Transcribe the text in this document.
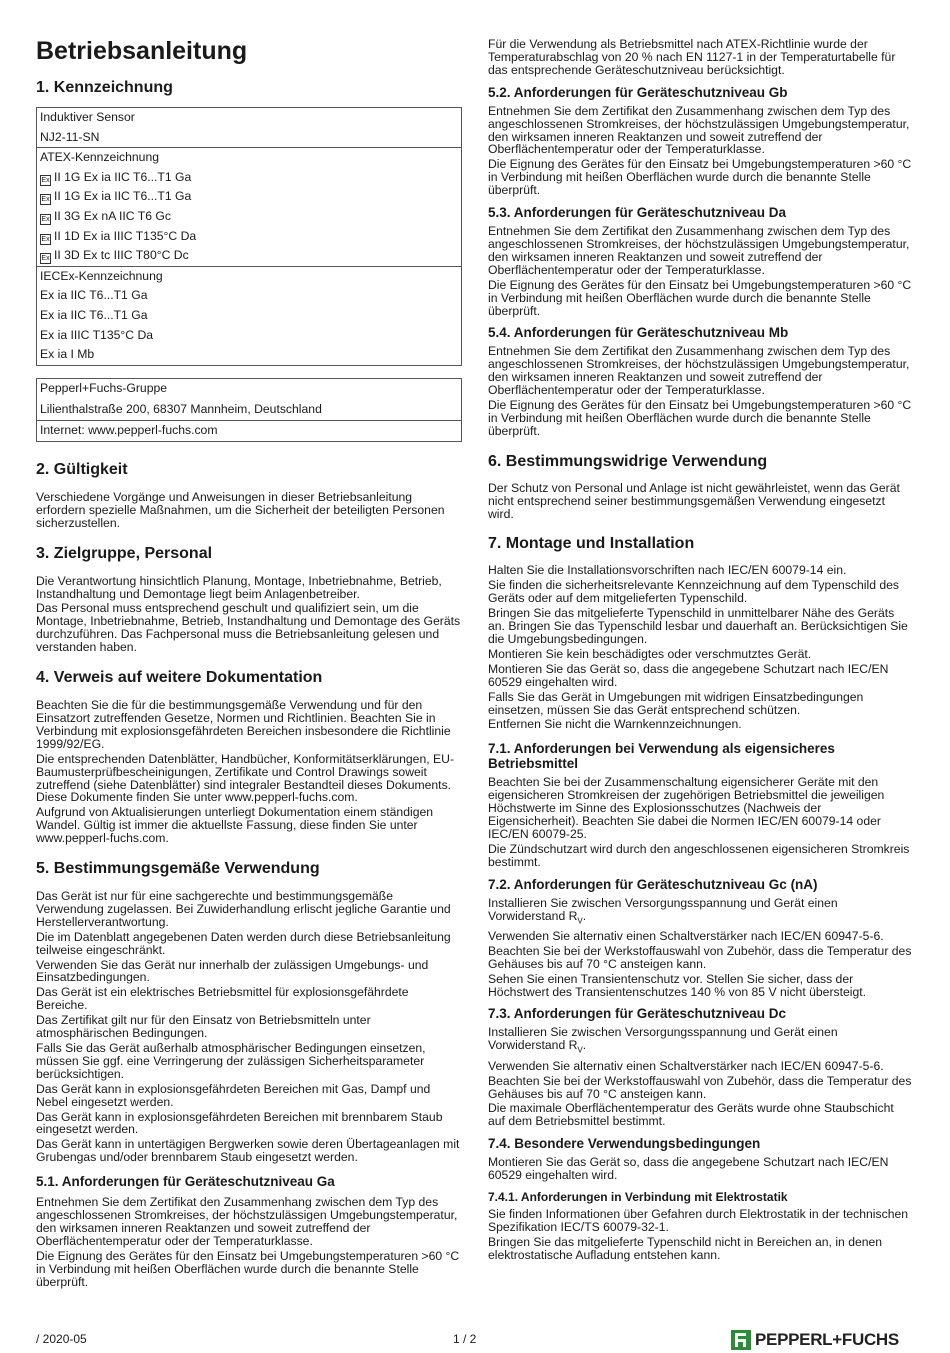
Betriebsanleitung
1. Kennzeichnung
Induktiver Sensor
NJ2-11-SN
ATEX-Kennzeichnung
Ex II 1G Ex ia IIC T6...T1 Ga
Ex II 1G Ex ia IIC T6...T1 Ga
Ex II 3G Ex nA IIC T6 Gc
Ex II 1D Ex ia IIIC T135°C Da
Ex II 3D Ex tc IIIC T80°C Dc
IECEx-Kennzeichnung
Ex ia IIC T6...T1 Ga
Ex ia IIC T6...T1 Ga
Ex ia IIIC T135°C Da
Ex ia I Mb
Pepperl+Fuchs-Gruppe
Lilienthalstraße 200, 68307 Mannheim, Deutschland
Internet: www.pepperl-fuchs.com
2. Gültigkeit

Verschiedene Vorgänge und Anweisungen in dieser Betriebsanleitung erfordern spezielle Maßnahmen, um die Sicherheit der beteiligten Personen sicherzustellen.

3. Zielgruppe, Personal

Die Verantwortung hinsichtlich Planung, Montage, Inbetriebnahme, Betrieb, Instandhaltung und Demontage liegt beim Anlagenbetreiber.

Das Personal muss entsprechend geschult und qualifiziert sein, um die Montage, Inbetriebnahme, Betrieb, Instandhaltung und Demontage des Geräts durchzuführen. Das Fachpersonal muss die Betriebsanleitung gelesen und verstanden haben.

4. Verweis auf weitere Dokumentation

Beachten Sie die für die bestimmungsgemäße Verwendung und für den Einsatzort zutreffenden Gesetze, Normen und Richtlinien. Beachten Sie in Verbindung mit explosionsgefährdeten Bereichen insbesondere die Richtlinie 1999/92/EG.

Die entsprechenden Datenblätter, Handbücher, Konformitätserklärungen, EU-Baumusterprüfbescheinigungen, Zertifikate und Control Drawings soweit zutreffend (siehe Datenblätter) sind integraler Bestandteil dieses Dokuments. Diese Dokumente finden Sie unter www.pepperl-fuchs.com.

Aufgrund von Aktualisierungen unterliegt Dokumentation einem ständigen Wandel. Gültig ist immer die aktuellste Fassung, diese finden Sie unter www.pepperl-fuchs.com.

5. Bestimmungsgemäße Verwendung

Das Gerät ist nur für eine sachgerechte und bestimmungsgemäße Verwendung zugelassen. Bei Zuwiderhandlung erlischt jegliche Garantie und Herstellerverantwortung.

Die im Datenblatt angegebenen Daten werden durch diese Betriebsanleitung teilweise eingeschränkt.

Verwenden Sie das Gerät nur innerhalb der zulässigen Umgebungs- und Einsatzbedingungen.

Das Gerät ist ein elektrisches Betriebsmittel für explosionsgefährdete Bereiche.

Das Zertifikat gilt nur für den Einsatz von Betriebsmitteln unter atmosphärischen Bedingungen.

Falls Sie das Gerät außerhalb atmosphärischer Bedingungen einsetzen, müssen Sie ggf. eine Verringerung der zulässigen Sicherheitsparameter berücksichtigen.

Das Gerät kann in explosionsgefährdeten Bereichen mit Gas, Dampf und Nebel eingesetzt werden.

Das Gerät kann in explosionsgefährdeten Bereichen mit brennbarem Staub eingesetzt werden.

Das Gerät kann in untertägigen Bergwerken sowie deren Übertageanlagen mit Grubengas und/oder brennbarem Staub eingesetzt werden.

5.1. Anforderungen für Geräteschutzniveau Ga

Entnehmen Sie dem Zertifikat den Zusammenhang zwischen dem Typ des angeschlossenen Stromkreises, der höchstzulässigen Umgebungstemperatur, den wirksamen inneren Reaktanzen und soweit zutreffend der Oberflächentemperatur oder der Temperaturklasse.

Die Eignung des Gerätes für den Einsatz bei Umgebungstemperaturen >60 °C in Verbindung mit heißen Oberflächen wurde durch die benannte Stelle überprüft.

Für die Verwendung als Betriebsmittel nach ATEX-Richtlinie wurde der Temperaturabschlag von 20 % nach EN 1127-1 in der Temperaturtabelle für das entsprechende Geräteschutzniveau berücksichtigt.

5.2. Anforderungen für Geräteschutzniveau Gb

Entnehmen Sie dem Zertifikat den Zusammenhang zwischen dem Typ des angeschlossenen Stromkreises, der höchstzulässigen Umgebungstemperatur, den wirksamen inneren Reaktanzen und soweit zutreffend der Oberflächentemperatur oder der Temperaturklasse.

Die Eignung des Gerätes für den Einsatz bei Umgebungstemperaturen >60 °C in Verbindung mit heißen Oberflächen wurde durch die benannte Stelle überprüft.

5.3. Anforderungen für Geräteschutzniveau Da

Entnehmen Sie dem Zertifikat den Zusammenhang zwischen dem Typ des angeschlossenen Stromkreises, der höchstzulässigen Umgebungstemperatur, den wirksamen inneren Reaktanzen und soweit zutreffend der Oberflächentemperatur oder der Temperaturklasse.

Die Eignung des Gerätes für den Einsatz bei Umgebungstemperaturen >60 °C in Verbindung mit heißen Oberflächen wurde durch die benannte Stelle überprüft.

5.4. Anforderungen für Geräteschutzniveau Mb

Entnehmen Sie dem Zertifikat den Zusammenhang zwischen dem Typ des angeschlossenen Stromkreises, der höchstzulässigen Umgebungstemperatur, den wirksamen inneren Reaktanzen und soweit zutreffend der Oberflächentemperatur oder der Temperaturklasse.

Die Eignung des Gerätes für den Einsatz bei Umgebungstemperaturen >60 °C in Verbindung mit heißen Oberflächen wurde durch die benannte Stelle überprüft.

6. Bestimmungswidrige Verwendung

Der Schutz von Personal und Anlage ist nicht gewährleistet, wenn das Gerät nicht entsprechend seiner bestimmungsgemäßen Verwendung eingesetzt wird.

7. Montage und Installation

Halten Sie die Installationsvorschriften nach IEC/EN 60079-14 ein.

Sie finden die sicherheitsrelevante Kennzeichnung auf dem Typenschild des Geräts oder auf dem mitgelieferten Typenschild.

Bringen Sie das mitgelieferte Typenschild in unmittelbarer Nähe des Geräts an. Bringen Sie das Typenschild lesbar und dauerhaft an. Berücksichtigen Sie die Umgebungsbedingungen.

Montieren Sie kein beschädigtes oder verschmutztes Gerät.

Montieren Sie das Gerät so, dass die angegebene Schutzart nach IEC/EN 60529 eingehalten wird.

Falls Sie das Gerät in Umgebungen mit widrigen Einsatzbedingungen einsetzen, müssen Sie das Gerät entsprechend schützen.

Entfernen Sie nicht die Warnkennzeichnungen.

7.1. Anforderungen bei Verwendung als eigensicheres Betriebsmittel

Beachten Sie bei der Zusammenschaltung eigensicherer Geräte mit den eigensicheren Stromkreisen der zugehörigen Betriebsmittel die jeweiligen Höchstwerte im Sinne des Explosionsschutzes (Nachweis der Eigensicherheit). Beachten Sie dabei die Normen IEC/EN 60079-14 oder IEC/EN 60079-25.

Die Zündschutzart wird durch den angeschlossenen eigensicheren Stromkreis bestimmt.

7.2. Anforderungen für Geräteschutzniveau Gc (nA)

Installieren Sie zwischen Versorgungsspannung und Gerät einen Vorwiderstand $R_V$.

Verwenden Sie alternativ einen Schaltverstärker nach IEC/EN 60947-5-6.

Beachten Sie bei der Werkstoffauswahl von Zubehör, dass die Temperatur des Gehäuses bis auf 70 °C ansteigen kann.

Sehen Sie einen Transientenschutz vor. Stellen Sie sicher, dass der Höchstwert des Transientenschutzes 140 % von 85 V nicht übersteigt.

7.3. Anforderungen für Geräteschutzniveau Dc

Installieren Sie zwischen Versorgungsspannung und Gerät einen Vorwiderstand $R_V$.

Verwenden Sie alternativ einen Schaltverstärker nach IEC/EN 60947-5-6.

Beachten Sie bei der Werkstoffauswahl von Zubehör, dass die Temperatur des Gehäuses bis auf 70 °C ansteigen kann.

Die maximale Oberflächentemperatur des Geräts wurde ohne Staubschicht auf dem Betriebsmittel bestimmt.

7.4. Besondere Verwendungsbedingungen

Montieren Sie das Gerät so, dass die angegebene Schutzart nach IEC/EN 60529 eingehalten wird.

7.4.1. Anforderungen in Verbindung mit Elektrostatik

Sie finden Informationen über Gefahren durch Elektrostatik in der technischen Spezifikation IEC/TS 60079-32-1.

Bringen Sie das mitgelieferte Typenschild nicht in Bereichen an, in denen elektrostatische Aufladung entstehen kann.

/ 2020-05	1 / 2	PEPPERL+FUCHS
